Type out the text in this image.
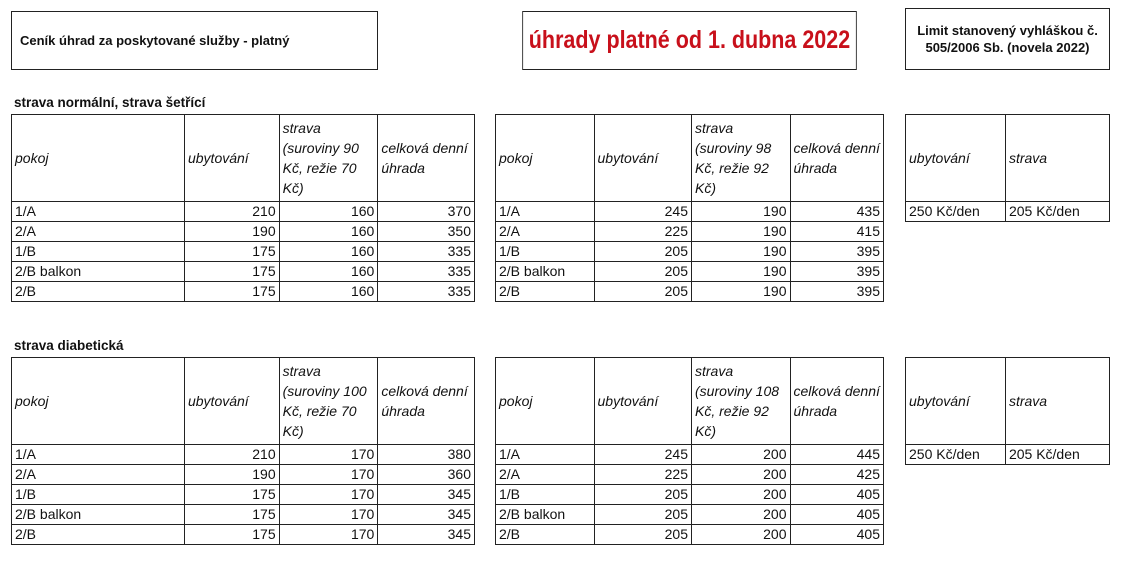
Ceník úhrad za poskytované služby - platný	úhrady platné od 1. dubna 2022	Limit stanovený vyhláškou č. 505/2006 Sb. (novela 2022)
strava normální, strava šetřící
pokoj	ubytování	strava (suroviny 90 Kč, režie 70 Kč)	celková denní úhrada
1/A	210	160	370
2/A	190	160	350
1/B	175	160	335
2/B balkon	175	160	335
2/B	175	160	335
pokoj	ubytování	strava (suroviny 98 Kč, režie 92 Kč)	celková denní úhrada
1/A	245	190	435
2/A	225	190	415
1/B	205	190	395
2/B balkon	205	190	395
2/B	205	190	395
ubytování	strava
250 Kč/den	205 Kč/den
strava diabetická
pokoj	ubytování	strava (suroviny 100 Kč, režie 70 Kč)	celková denní úhrada
1/A	210	170	380
2/A	190	170	360
1/B	175	170	345
2/B balkon	175	170	345
2/B	175	170	345
pokoj	ubytování	strava (suroviny 108 Kč, režie 92 Kč)	celková denní úhrada
1/A	245	200	445
2/A	225	200	425
1/B	205	200	405
2/B balkon	205	200	405
2/B	205	200	405
ubytování	strava
250 Kč/den	205 Kč/den
